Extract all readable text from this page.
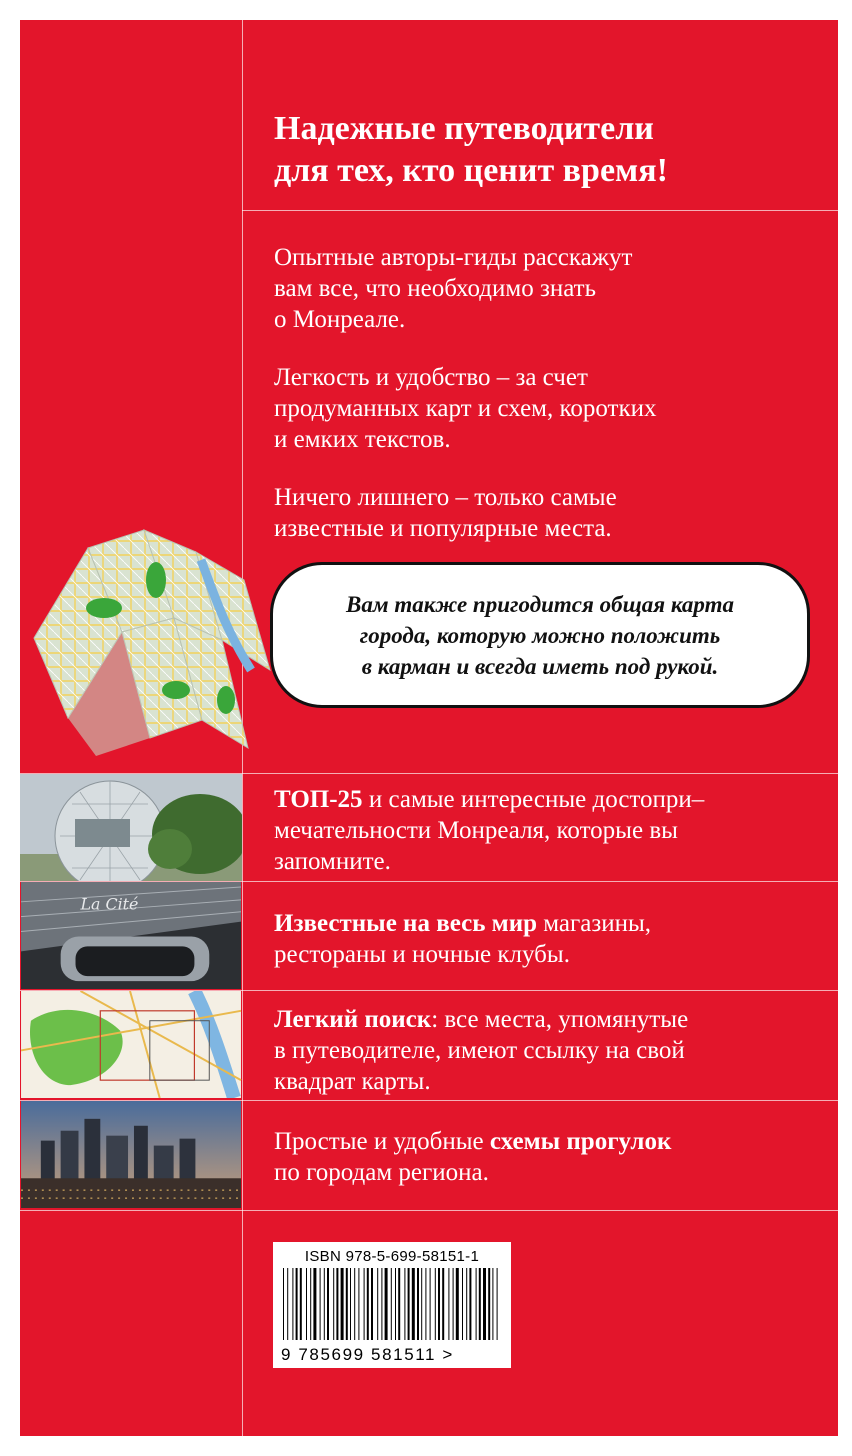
Надежные путеводители
для тех, кто ценит время!

Опытные авторы-гиды расскажут
вам все, что необходимо знать
о Монреале.

Легкость и удобство – за счет
продуманных карт и схем, коротких
и емких текстов.

Ничего лишнего – только самые
известные и популярные места.

Вам также пригодится общая карта
города, которую можно положить
в карман и всегда иметь под рукой.

La Cité

ТОП-25 и самые интересные достопри–
мечательности Монреаля, которые вы
запомните.

Известные на весь мир магазины,
рестораны и ночные клубы.

Легкий поиск: все места, упомянутые
в путеводителе, имеют ссылку на свой
квадрат карты.

Простые и удобные схемы прогулок
по городам региона.

ISBN 978-5-699-58151-1

9 785699 581511 >
